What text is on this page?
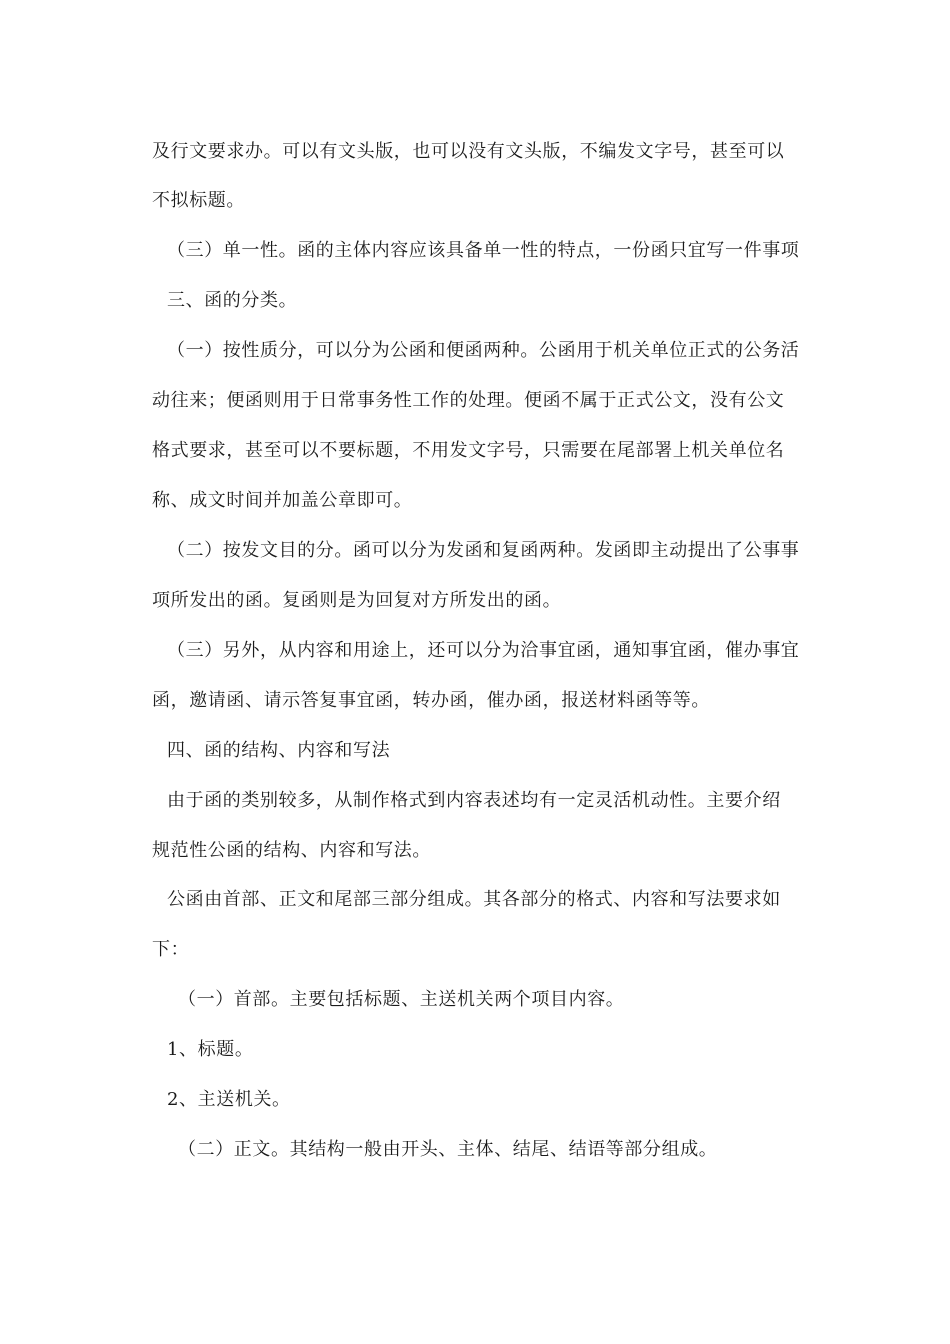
及行文要求办。可以有文头版，也可以没有文头版，不编发文字号，甚至可以
不拟标题。
（三）单一性。函的主体内容应该具备单一性的特点，一份函只宜写一件事项
三、函的分类。
（一）按性质分，可以分为公函和便函两种。公函用于机关单位正式的公务活
动往来；便函则用于日常事务性工作的处理。便函不属于正式公文，没有公文
格式要求，甚至可以不要标题，不用发文字号，只需要在尾部署上机关单位名
称、成文时间并加盖公章即可。
（二）按发文目的分。函可以分为发函和复函两种。发函即主动提出了公事事
项所发出的函。复函则是为回复对方所发出的函。
（三）另外，从内容和用途上，还可以分为洽事宜函，通知事宜函，催办事宜
函，邀请函、请示答复事宜函，转办函，催办函，报送材料函等等。
四、函的结构、内容和写法
由于函的类别较多，从制作格式到内容表述均有一定灵活机动性。主要介绍
规范性公函的结构、内容和写法。
公函由首部、正文和尾部三部分组成。其各部分的格式、内容和写法要求如
下：
（一）首部。主要包括标题、主送机关两个项目内容。
1、标题。
2、主送机关。
（二）正文。其结构一般由开头、主体、结尾、结语等部分组成。
